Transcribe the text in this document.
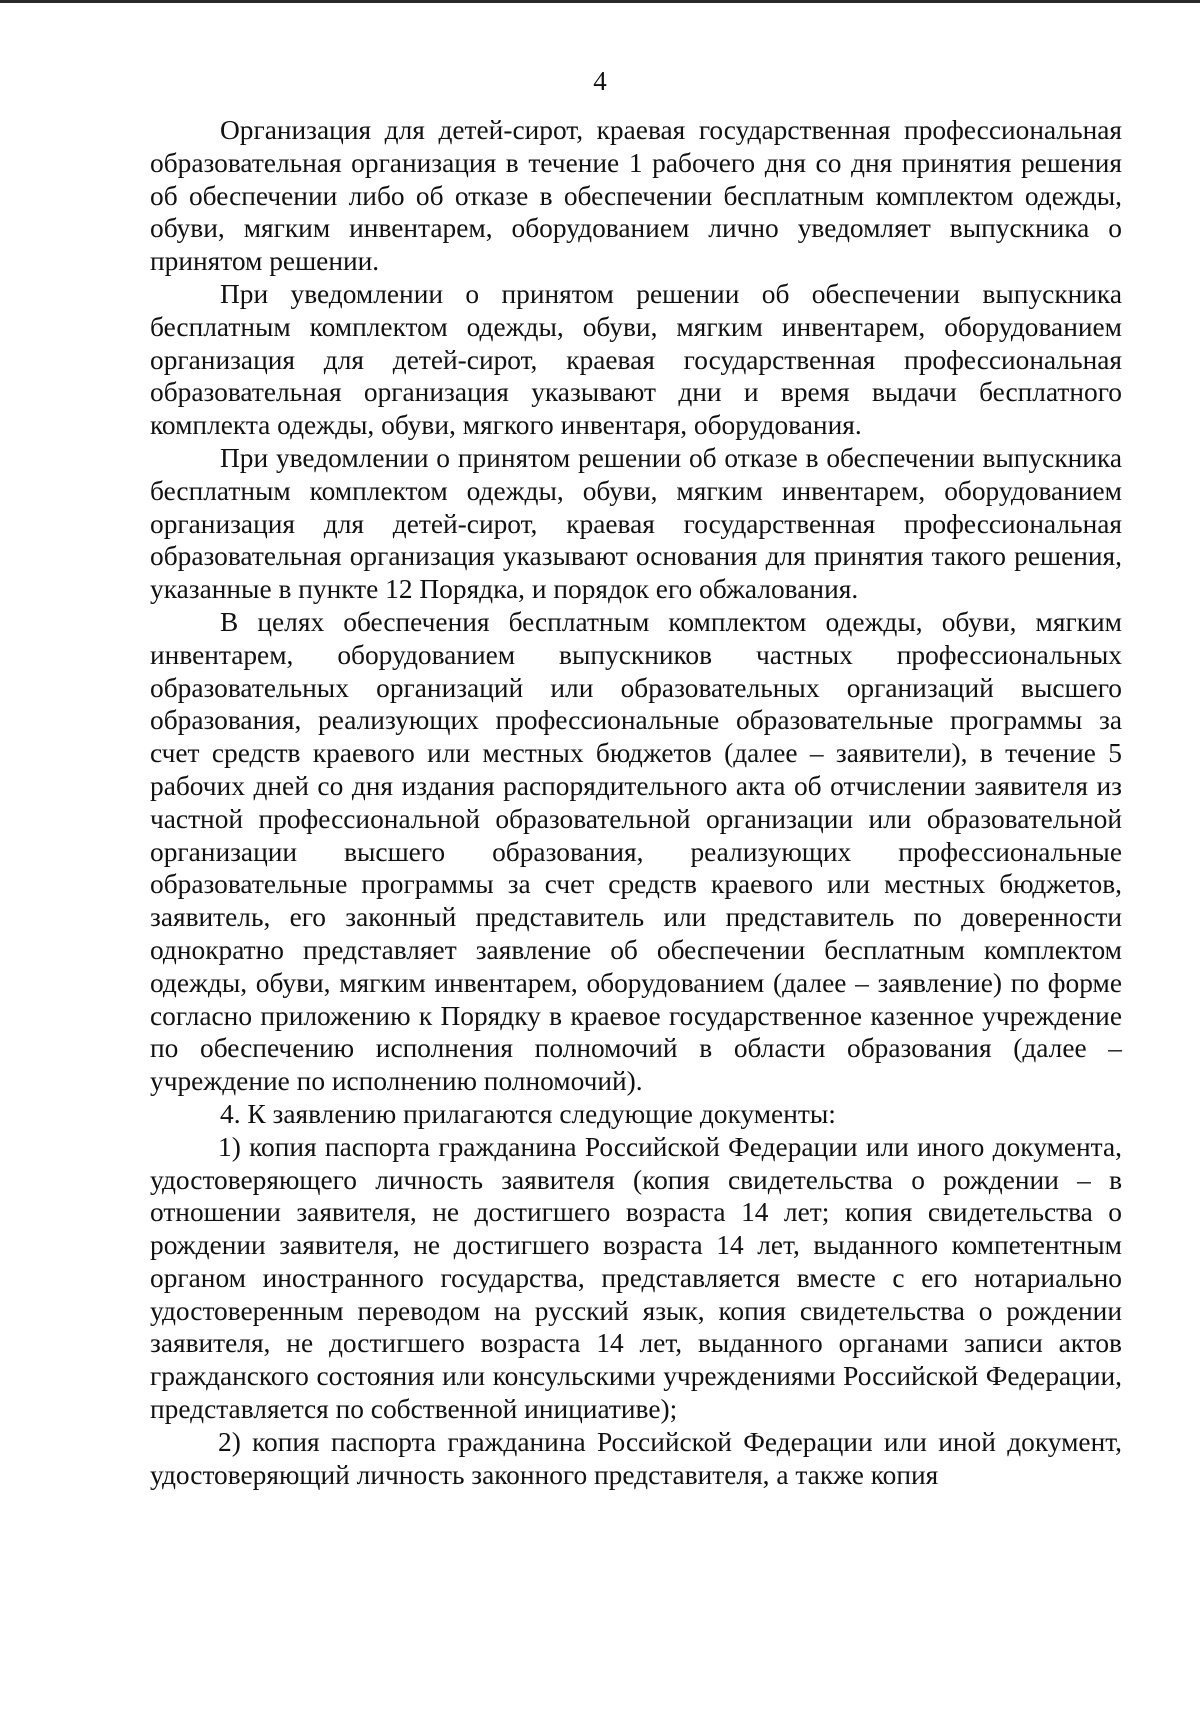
4

Организация для детей-сирот, краевая государственная профессиональная образовательная организация в течение 1 рабочего дня со дня принятия решения об обеспечении либо об отказе в обеспечении бесплатным комплектом одежды, обуви, мягким инвентарем, оборудованием лично уведомляет выпускника о принятом решении.

При уведомлении о принятом решении об обеспечении выпускника бесплатным комплектом одежды, обуви, мягким инвентарем, оборудованием организация для детей-сирот, краевая государственная профессиональная образовательная организация указывают дни и время выдачи бесплатного комплекта одежды, обуви, мягкого инвентаря, оборудования.

При уведомлении о принятом решении об отказе в обеспечении выпускника бесплатным комплектом одежды, обуви, мягким инвентарем, оборудованием организация для детей-сирот, краевая государственная профессиональная образовательная организация указывают основания для принятия такого решения, указанные в пункте 12 Порядка, и порядок его обжалования.

В целях обеспечения бесплатным комплектом одежды, обуви, мягким инвентарем, оборудованием выпускников частных профессиональных образовательных организаций или образовательных организаций высшего образования, реализующих профессиональные образовательные программы за счет средств краевого или местных бюджетов (далее – заявители), в течение 5 рабочих дней со дня издания распорядительного акта об отчислении заявителя из частной профессиональной образовательной организации или образовательной организации высшего образования, реализующих профессиональные образовательные программы за счет средств краевого или местных бюджетов, заявитель, его законный представитель или представитель по доверенности однократно представляет заявление об обеспечении бесплатным комплектом одежды, обуви, мягким инвентарем, оборудованием (далее – заявление) по форме согласно приложению к Порядку в краевое государственное казенное учреждение по обеспечению исполнения полномочий в области образования (далее – учреждение по исполнению полномочий).

4. К заявлению прилагаются следующие документы:

1) копия паспорта гражданина Российской Федерации или иного документа, удостоверяющего личность заявителя (копия свидетельства о рождении – в отношении заявителя, не достигшего возраста 14 лет; копия свидетельства о рождении заявителя, не достигшего возраста 14 лет, выданного компетентным органом иностранного государства, представляется вместе с его нотариально удостоверенным переводом на русский язык, копия свидетельства о рождении заявителя, не достигшего возраста 14 лет, выданного органами записи актов гражданского состояния или консульскими учреждениями Российской Федерации, представляется по собственной инициативе);

2) копия паспорта гражданина Российской Федерации или иной документ, удостоверяющий личность законного представителя, а также копия
